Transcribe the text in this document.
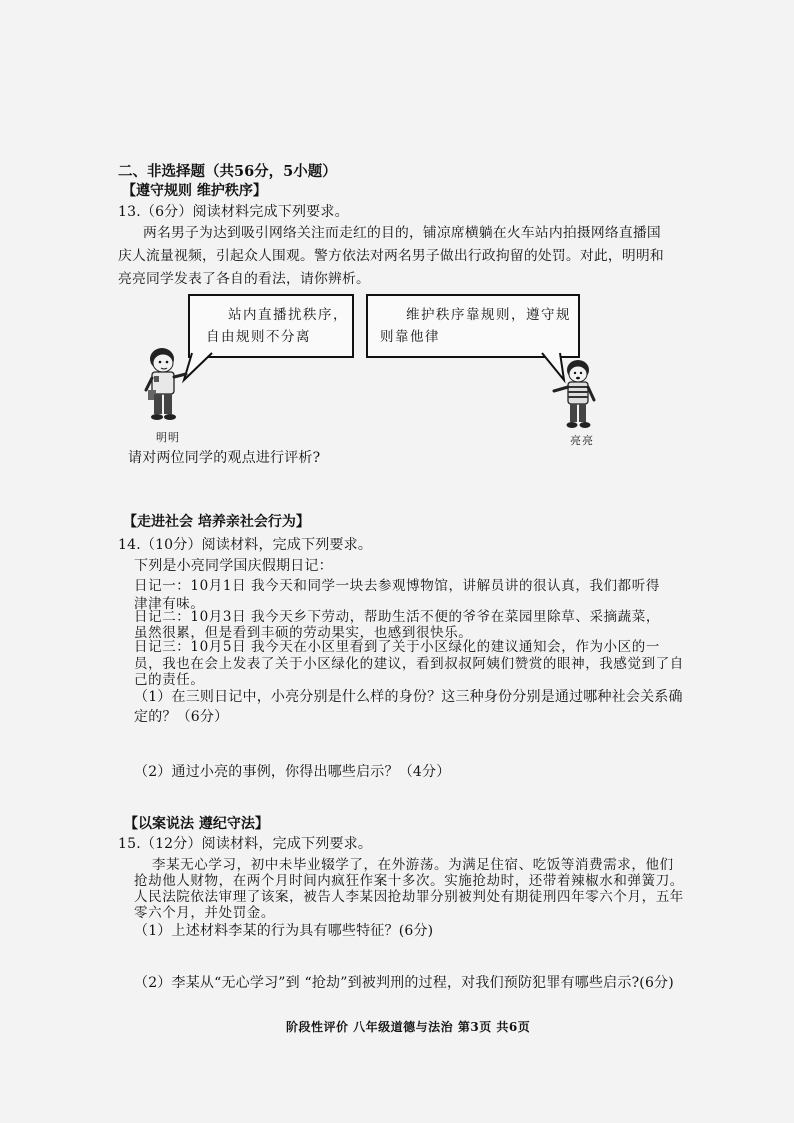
二、非选择题（共56分，5小题）
【遵守规则 维护秩序】
13.（6分）阅读材料完成下列要求。
两名男子为达到吸引网络关注而走红的目的，铺凉席横躺在火车站内拍摄网络直播国
庆人流量视频，引起众人围观。警方依法对两名男子做出行政拘留的处罚。对此，明明和
亮亮同学发表了各自的看法，请你辨析。
站内直播扰秩序，
自由规则不分离
维护秩序靠规则，遵守规
则靠他律
明明	亮亮
请对两位同学的观点进行评析?
【走进社会 培养亲社会行为】
14.（10分）阅读材料，完成下列要求。
下列是小亮同学国庆假期日记：
日记一：10月1日 我今天和同学一块去参观博物馆，讲解员讲的很认真，我们都听得
津津有味。
日记二：10月3日 我今天乡下劳动，帮助生活不便的爷爷在菜园里除草、采摘蔬菜，
虽然很累，但是看到丰硕的劳动果实，也感到很快乐。
日记三：10月5日 我今天在小区里看到了关于小区绿化的建议通知会，作为小区的一
员，我也在会上发表了关于小区绿化的建议，看到叔叔阿姨们赞赏的眼神，我感觉到了自
己的责任。
（1）在三则日记中，小亮分别是什么样的身份？这三种身份分别是通过哪种社会关系确
定的？（6分）
（2）通过小亮的事例，你得出哪些启示？（4分）
【以案说法 遵纪守法】
15.（12分）阅读材料，完成下列要求。
李某无心学习，初中未毕业辍学了，在外游荡。为满足住宿、吃饭等消费需求，他们
抢劫他人财物，在两个月时间内疯狂作案十多次。实施抢劫时，还带着辣椒水和弹簧刀。
人民法院依法审理了该案，被告人李某因抢劫罪分别被判处有期徒刑四年零六个月，五年
零六个月，并处罚金。
（1）上述材料李某的行为具有哪些特征？(6分)
（2）李某从“无心学习”到 “抢劫”到被判刑的过程，对我们预防犯罪有哪些启示?(6分)
阶段性评价 八年级道德与法治 第3页 共6页
